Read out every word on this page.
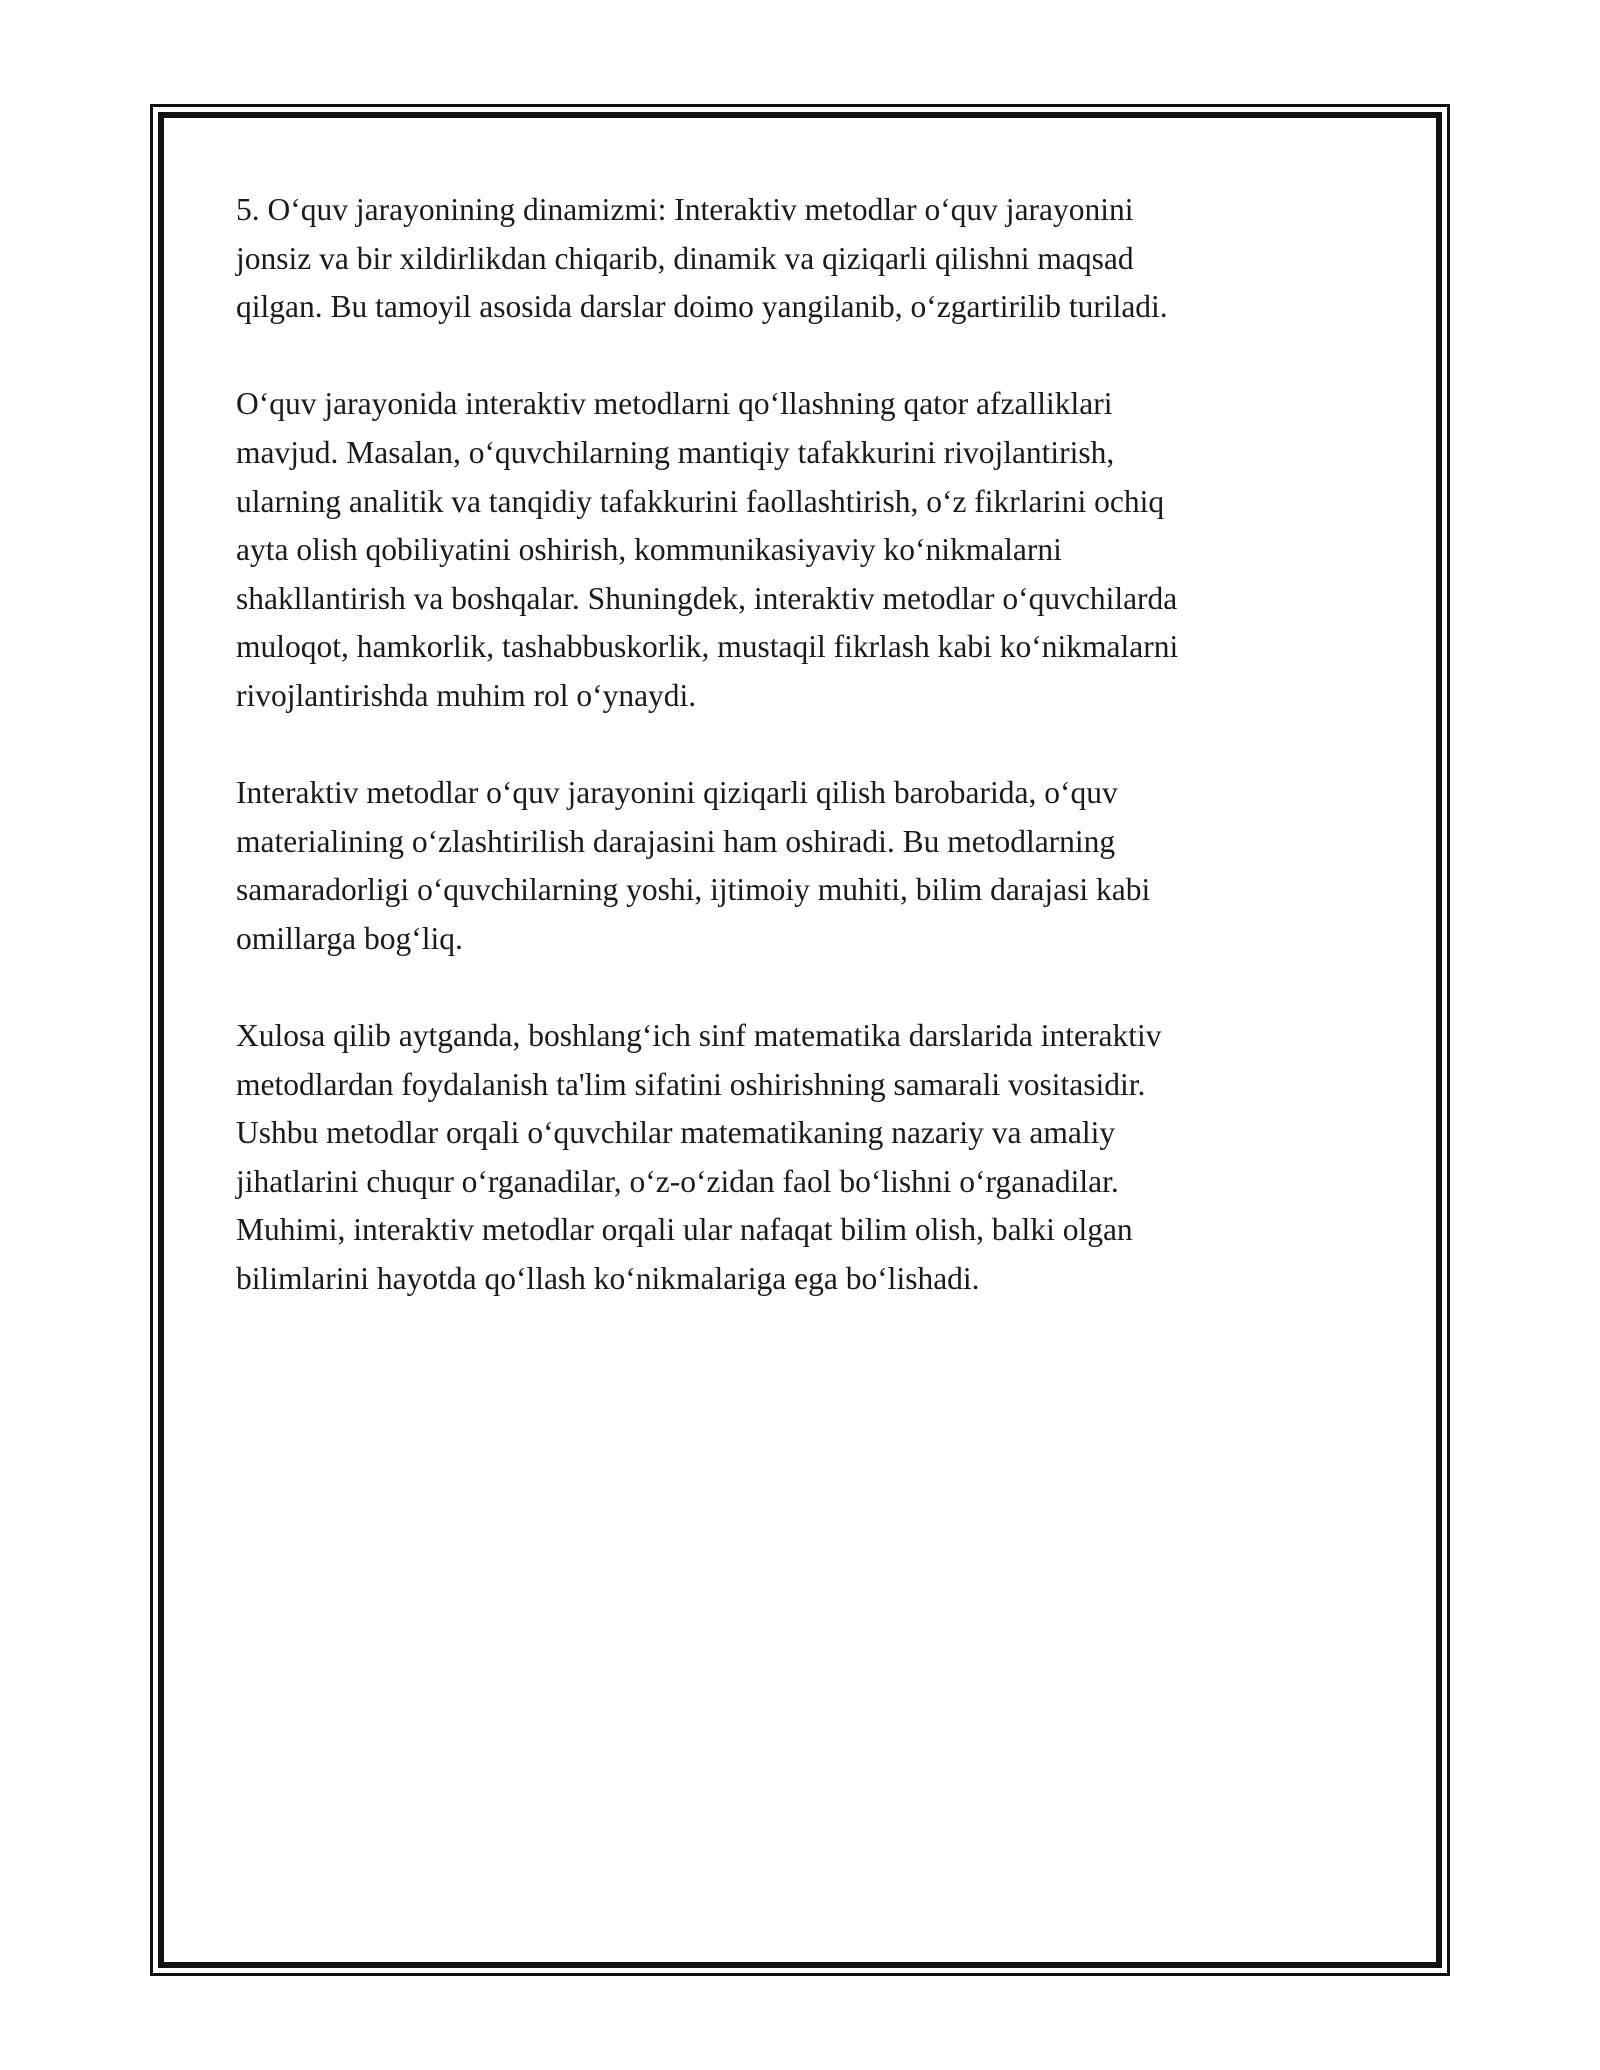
5. O‘quv jarayonining dinamizmi: Interaktiv metodlar o‘quv jarayonini
jonsiz va bir xildirlikdan chiqarib, dinamik va qiziqarli qilishni maqsad
qilgan. Bu tamoyil asosida darslar doimo yangilanib, o‘zgartirilib turiladi.

O‘quv jarayonida interaktiv metodlarni qo‘llashning qator afzalliklari
mavjud. Masalan, o‘quvchilarning mantiqiy tafakkurini rivojlantirish,
ularning analitik va tanqidiy tafakkurini faollashtirish, o‘z fikrlarini ochiq
ayta olish qobiliyatini oshirish, kommunikasiyaviy ko‘nikmalarni
shakllantirish va boshqalar. Shuningdek, interaktiv metodlar o‘quvchilarda
muloqot, hamkorlik, tashabbuskorlik, mustaqil fikrlash kabi ko‘nikmalarni
rivojlantirishda muhim rol o‘ynaydi.

Interaktiv metodlar o‘quv jarayonini qiziqarli qilish barobarida, o‘quv
materialining o‘zlashtirilish darajasini ham oshiradi. Bu metodlarning
samaradorligi o‘quvchilarning yoshi, ijtimoiy muhiti, bilim darajasi kabi
omillarga bog‘liq.

Xulosa qilib aytganda, boshlang‘ich sinf matematika darslarida interaktiv
metodlardan foydalanish ta'lim sifatini oshirishning samarali vositasidir.
Ushbu metodlar orqali o‘quvchilar matematikaning nazariy va amaliy
jihatlarini chuqur o‘rganadilar, o‘z-o‘zidan faol bo‘lishni o‘rganadilar.
Muhimi, interaktiv metodlar orqali ular nafaqat bilim olish, balki olgan
bilimlarini hayotda qo‘llash ko‘nikmalariga ega bo‘lishadi.
